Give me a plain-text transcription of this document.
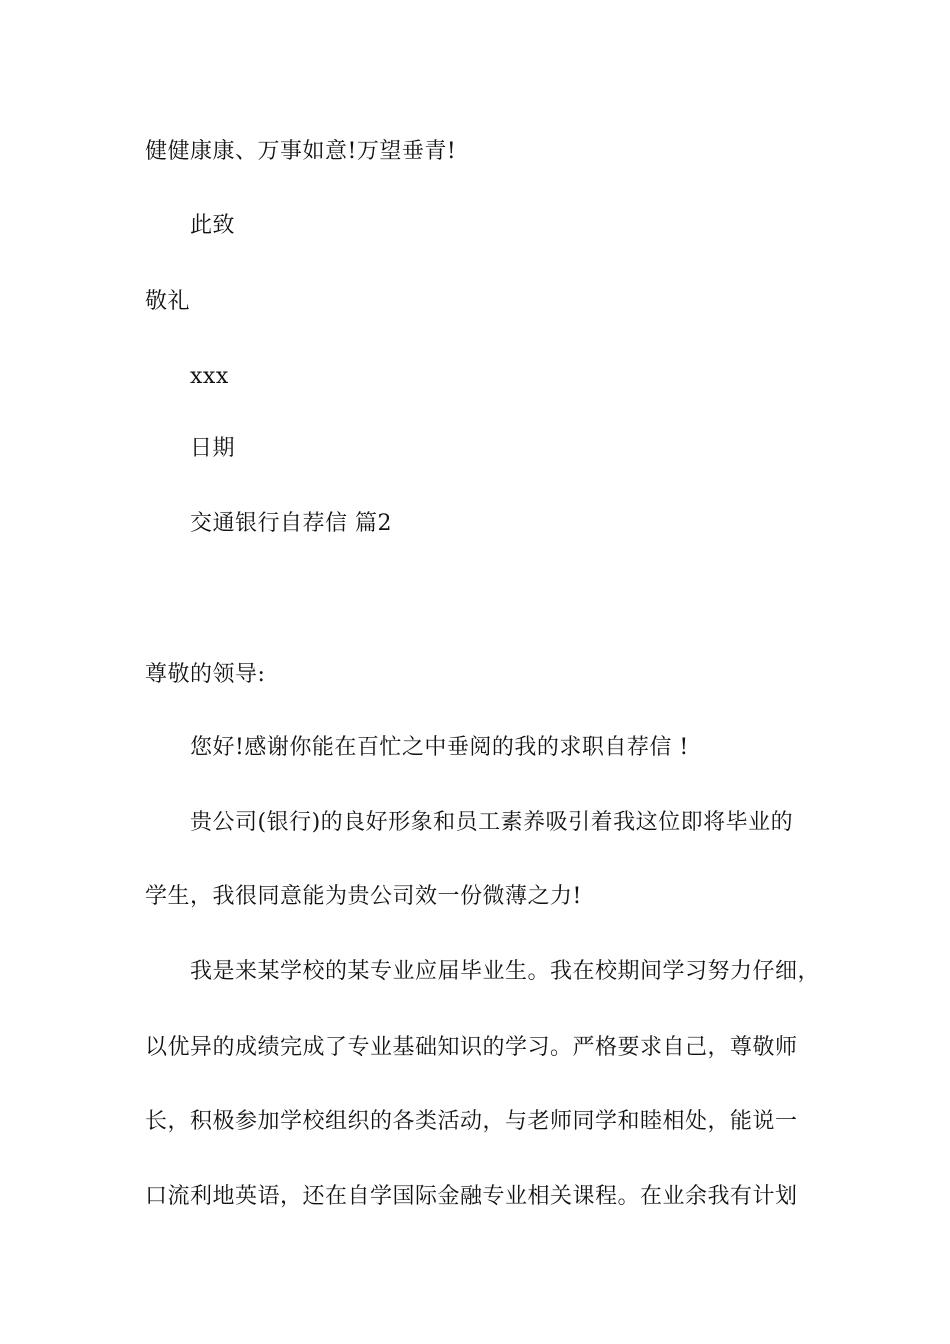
健健康康、万事如意!万望垂青!
此致
敬礼
xxx
日期
交通银行自荐信 篇2
尊敬的领导:
您好!感谢你能在百忙之中垂阅的我的求职自荐信 !
贵公司(银行)的良好形象和员工素养吸引着我这位即将毕业的
学生，我很同意能为贵公司效一份微薄之力!
我是来某学校的某专业应届毕业生。我在校期间学习努力仔细，
以优异的成绩完成了专业基础知识的学习。严格要求自己，尊敬师
长，积极参加学校组织的各类活动，与老师同学和睦相处，能说一
口流利地英语，还在自学国际金融专业相关课程。在业余我有计划
